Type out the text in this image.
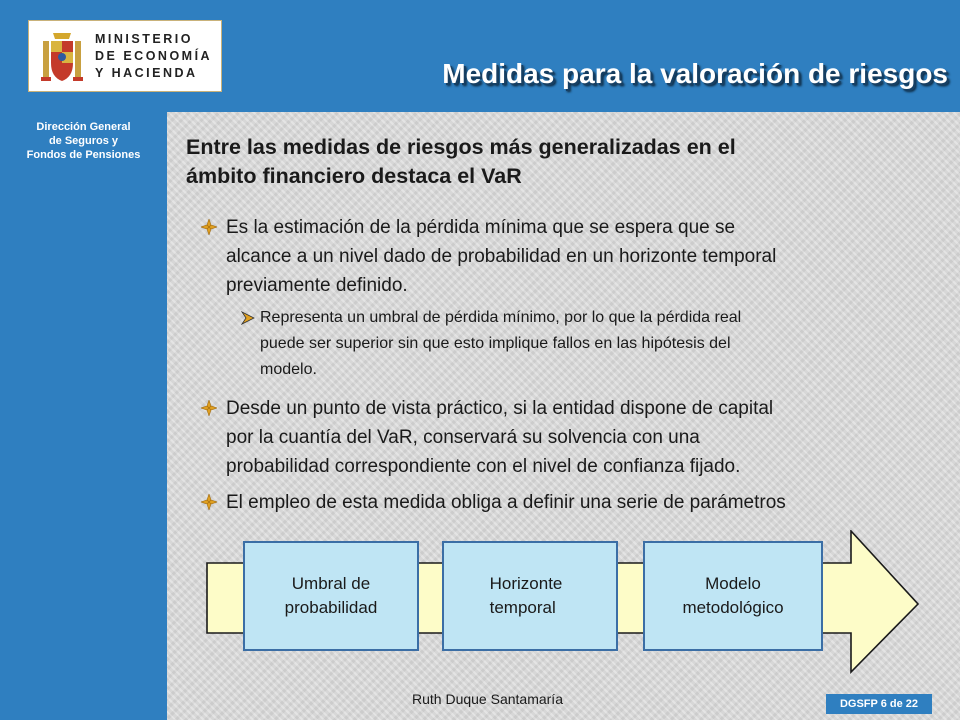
MINISTERIO
DE ECONOMÍA
Y HACIENDA	Medidas para la valoración de riesgos
Dirección General
de Seguros y
Fondos de Pensiones	Entre las medidas de riesgos más generalizadas en el
ámbito financiero destaca el VaR
Es la estimación de la pérdida mínima que se espera que se
alcance a un nivel dado de probabilidad en un horizonte temporal
previamente definido.
Representa un umbral de pérdida mínimo, por lo que la pérdida real
puede ser superior sin que esto implique fallos en las hipótesis del
modelo.
Desde un punto de vista práctico, si la entidad dispone de capital
por la cuantía del VaR, conservará su solvencia con una
probabilidad correspondiente con el nivel de confianza fijado.
El empleo de esta medida obliga a definir una serie de parámetros
Umbral de
probabilidad
Horizonte
temporal
Modelo
metodológico
Ruth Duque Santamaría	DGSFP 6 de 22
